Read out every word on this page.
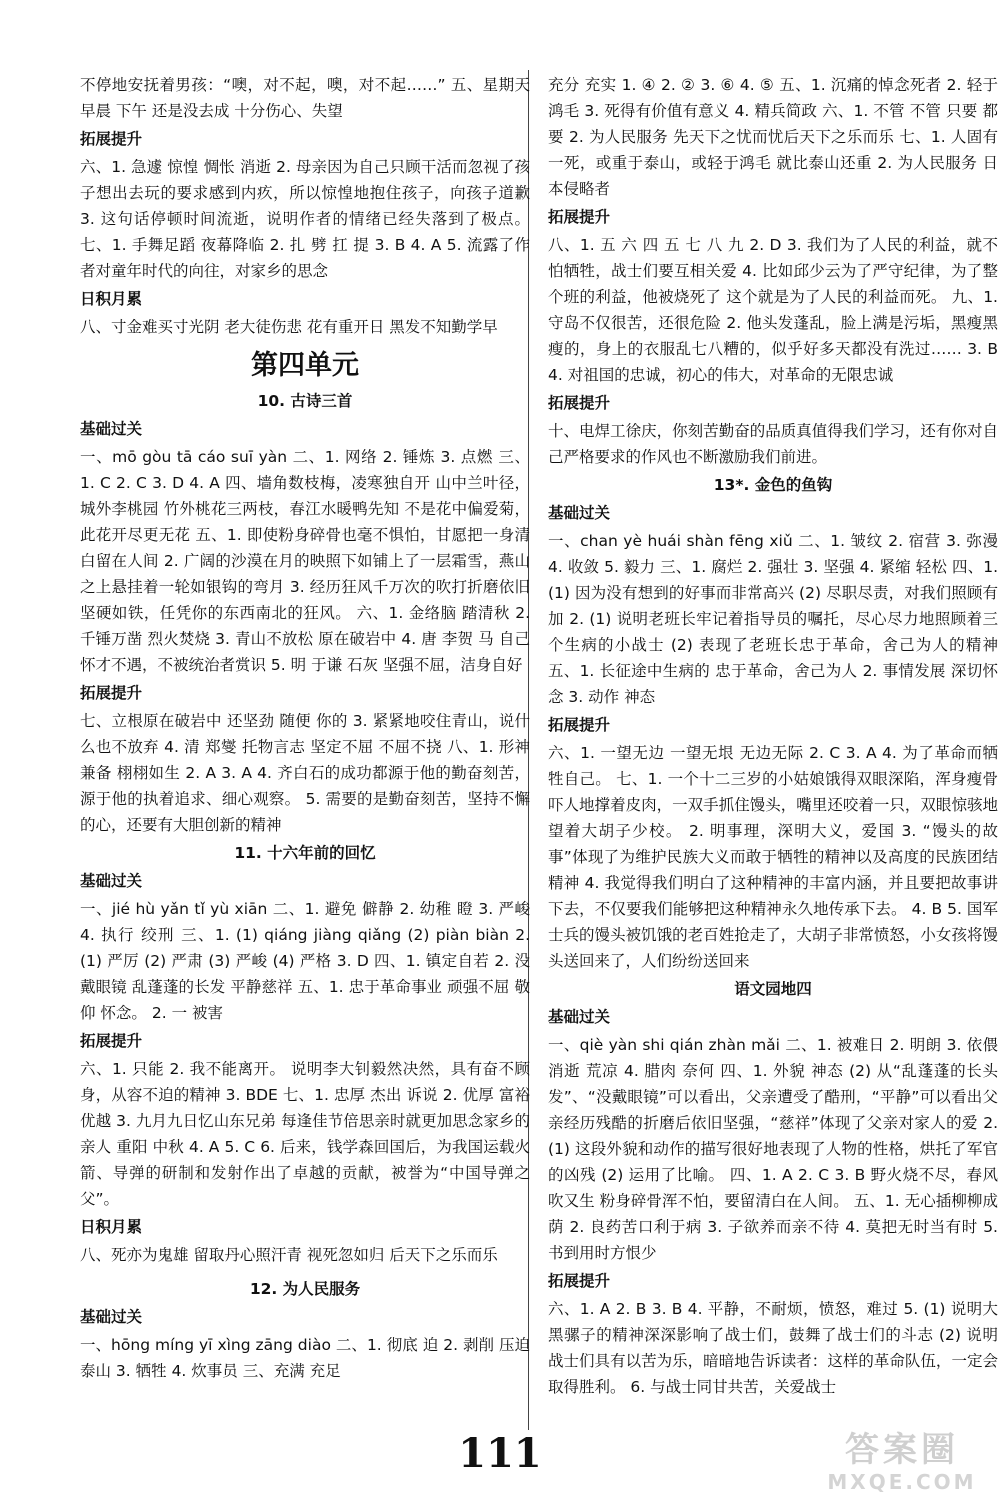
不停地安抚着男孩：“噢，对不起，噢，对不起……” 五、星期天 早晨 下午 还是没去成 十分伤心、失望

拓展提升

六、1. 急遽 惊惶 惆怅 消逝 2. 母亲因为自己只顾干活而忽视了孩子想出去玩的要求感到内疚，所以惊惶地抱住孩子，向孩子道歉 3. 这句话停顿时间流逝，说明作者的情绪已经失落到了极点。 七、1. 手舞足蹈 夜幕降临 2. 扎 劈 扛 提 3. B 4. A 5. 流露了作者对童年时代的向往，对家乡的思念

日积月累

八、寸金难买寸光阴 老大徒伤悲 花有重开日 黑发不知勤学早

第四单元
10. 古诗三首
基础过关

一、mō gòu tā cáo suī yàn 二、1. 网络 2. 锤炼 3. 点燃 三、1. C 2. C 3. D 4. A 四、墙角数枝梅，凌寒独自开 山中兰叶径，城外李桃园 竹外桃花三两枝，春江水暖鸭先知 不是花中偏爱菊，此花开尽更无花 五、1. 即使粉身碎骨也毫不惧怕，甘愿把一身清白留在人间 2. 广阔的沙漠在月的映照下如铺上了一层霜雪，燕山之上悬挂着一轮如银钩的弯月 3. 经历狂风千万次的吹打折磨依旧坚硬如铁，任凭你的东西南北的狂风。 六、1. 金络脑 踏清秋 2. 千锤万凿 烈火焚烧 3. 青山不放松 原在破岩中 4. 唐 李贺 马 自己怀才不遇，不被统治者赏识 5. 明 于谦 石灰 坚强不屈，洁身自好

拓展提升

七、立根原在破岩中 还坚劲 随便 你的 3. 紧紧地咬住青山，说什么也不放弃 4. 清 郑燮 托物言志 坚定不屈 不屈不挠 八、1. 形神兼备 栩栩如生 2. A 3. A 4. 齐白石的成功都源于他的勤奋刻苦，源于他的执着追求、细心观察。 5. 需要的是勤奋刻苦，坚持不懈的心，还要有大胆创新的精神

11. 十六年前的回忆
基础过关

一、jié hù yǎn tǐ yù xiān 二、1. 避免 僻静 2. 幼稚 瞪 3. 严峻 4. 执行 绞刑 三、1. (1) qiáng jiàng qiǎng (2) piàn biàn 2. (1) 严厉 (2) 严肃 (3) 严峻 (4) 严格 3. D 四、1. 镇定自若 2. 没戴眼镜 乱蓬蓬的长发 平静慈祥 五、1. 忠于革命事业 顽强不屈 敬仰 怀念。 2. 一 被害

拓展提升

六、1. 只能 2. 我不能离开。 说明李大钊毅然决然，具有奋不顾身，从容不迫的精神 3. BDE 七、1. 忠厚 杰出 诉说 2. 优厚 富裕 优越 3. 九月九日忆山东兄弟 每逢佳节倍思亲时就更加思念家乡的亲人 重阳 中秋 4. A 5. C 6. 后来，钱学森回国后，为我国运载火箭、导弹的研制和发射作出了卓越的贡献，被誉为“中国导弹之父”。

日积月累

八、死亦为鬼雄 留取丹心照汗青 视死忽如归 后天下之乐而乐

12. 为人民服务
基础过关

一、hōng míng yī xìng zāng diào 二、1. 彻底 迫 2. 剥削 压迫 泰山 3. 牺牲 4. 炊事员 三、充满 充足

充分 充实 1. ④ 2. ② 3. ⑥ 4. ⑤ 五、1. 沉痛的悼念死者 2. 轻于鸿毛 3. 死得有价值有意义 4. 精兵简政 六、1. 不管 不管 只要 都要 2. 为人民服务 先天下之忧而忧后天下之乐而乐 七、1. 人固有一死，或重于泰山，或轻于鸿毛 就比泰山还重 2. 为人民服务 日本侵略者

拓展提升

八、1. 五 六 四 五 七 八 九 2. D 3. 我们为了人民的利益，就不怕牺牲，战士们要互相关爱 4. 比如邱少云为了严守纪律，为了整个班的利益，他被烧死了 这个就是为了人民的利益而死。 九、1. 守岛不仅很苦，还很危险 2. 他头发蓬乱，脸上满是污垢，黑瘦黑瘦的，身上的衣服乱七八糟的，似乎好多天都没有洗过…… 3. B 4. 对祖国的忠诚，初心的伟大，对革命的无限忠诚

拓展提升

十、电焊工徐庆，你刻苦勤奋的品质真值得我们学习，还有你对自己严格要求的作风也不断激励我们前进。

13*. 金色的鱼钩
基础过关

一、chan yè huái shàn fēng xiǔ 二、1. 皱纹 2. 宿营 3. 弥漫 4. 收敛 5. 毅力 三、1. 腐烂 2. 强壮 3. 坚强 4. 紧缩 轻松 四、1. (1) 因为没有想到的好事而非常高兴 (2) 尽职尽责，对我们照顾有加 2. (1) 说明老班长牢记着指导员的嘱托，尽心尽力地照顾着三个生病的小战士 (2) 表现了老班长忠于革命，舍己为人的精神 五、1. 长征途中生病的 忠于革命，舍己为人 2. 事情发展 深切怀念 3. 动作 神态

拓展提升

六、1. 一望无边 一望无垠 无边无际 2. C 3. A 4. 为了革命而牺牲自己。 七、1. 一个十二三岁的小姑娘饿得双眼深陷，浑身瘦骨吓人地撑着皮肉，一双手抓住馒头，嘴里还咬着一只，双眼惊骇地望着大胡子少校。 2. 明事理，深明大义，爱国 3. “馒头的故事”体现了为维护民族大义而敢于牺牲的精神以及高度的民族团结精神 4. 我觉得我们明白了这种精神的丰富内涵，并且要把故事讲下去，不仅要我们能够把这种精神永久地传承下去。 4. B 5. 国军士兵的馒头被饥饿的老百姓抢走了，大胡子非常愤怒，小女孩将馒头送回来了，人们纷纷送回来

语文园地四
基础过关

一、qiè yàn shi qián zhàn mǎi 二、1. 被难日 2. 明朗 3. 依偎 消逝 荒凉 4. 腊肉 奈何 四、1. 外貌 神态 (2) 从“乱蓬蓬的长头发”、“没戴眼镜”可以看出，父亲遭受了酷刑，“平静”可以看出父亲经历残酷的折磨后依旧坚强，“慈祥”体现了父亲对家人的爱 2. (1) 这段外貌和动作的描写很好地表现了人物的性格，烘托了军官的凶残 (2) 运用了比喻。 四、1. A 2. C 3. B 野火烧不尽，春风吹又生 粉身碎骨浑不怕，要留清白在人间。 五、1. 无心插柳柳成荫 2. 良药苦口利于病 3. 子欲养而亲不待 4. 莫把无时当有时 5. 书到用时方恨少

拓展提升

六、1. A 2. B 3. B 4. 平静，不耐烦，愤怒，难过 5. (1) 说明大黑骡子的精神深深影响了战士们，鼓舞了战士们的斗志 (2) 说明战士们具有以苦为乐，暗暗地告诉读者：这样的革命队伍，一定会取得胜利。 6. 与战士同甘共苦，关爱战士

111	答案圈
MXQE.COM
